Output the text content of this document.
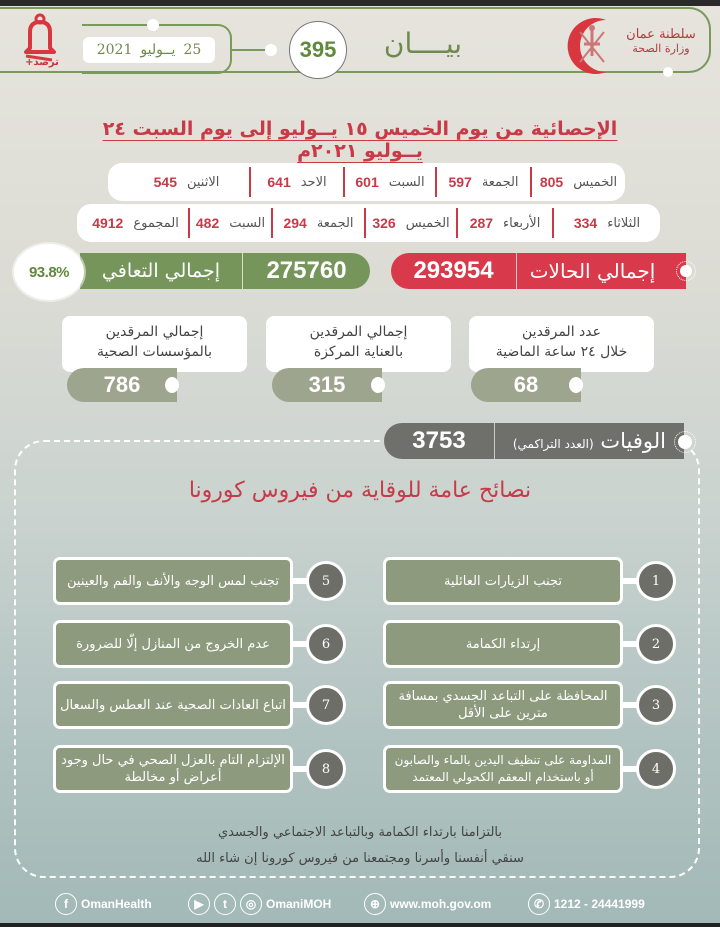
ترصد+
25
يــوليو
2021	395	بيــــان	سلطنة عمان
وزارة الصحة
الإحصائية من يوم الخميس ١٥ يــوليو إلى يوم السبت ٢٤ يــوليو ٢٠٢١م
الخميس
805
الجمعة
597
السبت
601
الاحد
641
الاثنين
545
الثلاثاء
334
الأربعاء
287
الخميس
326
الجمعة
294
السبت
482
المجموع
4912
إجمالي الحالات
293954
275760
إجمالي التعافي
93.8%
عدد المرقدين
خلال ٢٤ ساعة الماضية
68
إجمالي المرقدين
بالعناية المركزة
315
إجمالي المرقدين
بالمؤسسات الصحية
786
الوفيات (العدد التراكمي)
3753
نصائح عامة للوقاية من فيروس كورونا
تجنب الزيارات العائلية	1
إرتداء الكمامة	2
المحافظة على التباعد الجسدي بمسافة مترين على الأقل
3
المداومة على تنظيف اليدين بالماء والصابون أو باستخدام المعقم الكحولي المعتمد
4
تجنب لمس الوجه والأنف والفم والعينين	5
عدم الخروج من المنازل إلّا للضرورة	6
اتباع العادات الصحية عند العطس والسعال	7
الإلتزام التام بالعزل الصحي في حال وجود أعراض أو مخالطة
8
بالتزامنا بارتداء الكمامة وبالتباعد الاجتماعي والجسدي
سنقي أنفسنا وأسرنا ومجتمعنا من فيروس كورونا إن شاء الله
f	OmanHealth	▶	t	◎ OmaniMOH	⊕ www.moh.gov.om	✆ 1212 - 24441999
